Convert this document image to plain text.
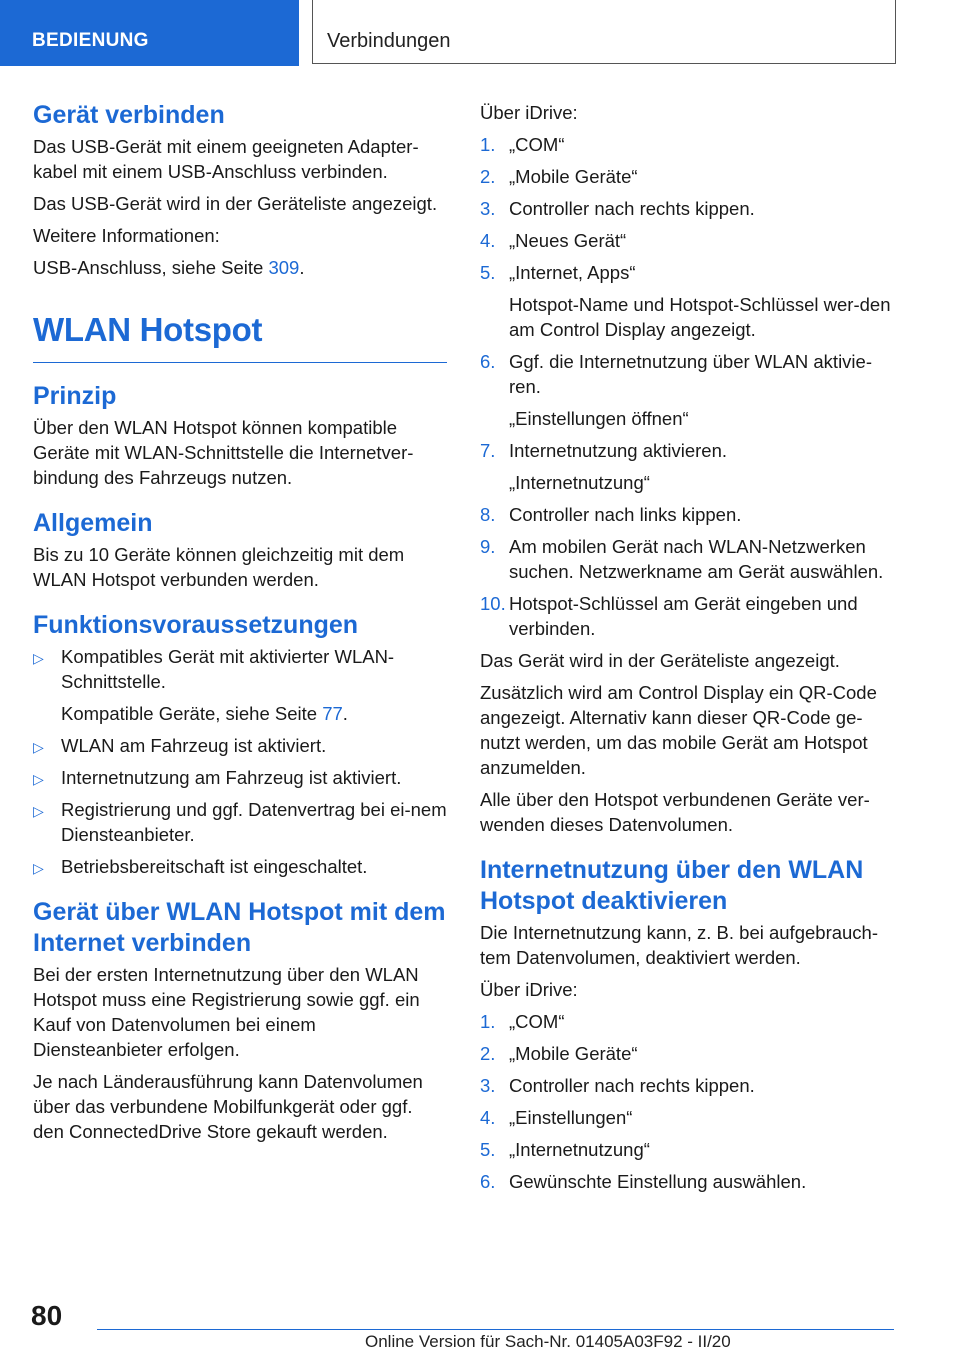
BEDIENUNG	Verbindungen
Gerät verbinden

Das USB-Gerät mit einem geeigneten Adapter-kabel mit einem USB-Anschluss verbinden.

Das USB-Gerät wird in der Geräteliste angezeigt.

Weitere Informationen:

USB-Anschluss, siehe Seite 309.

WLAN Hotspot
Prinzip

Über den WLAN Hotspot können kompatible Geräte mit WLAN-Schnittstelle die Internetver-bindung des Fahrzeugs nutzen.

Allgemein

Bis zu 10 Geräte können gleichzeitig mit dem WLAN Hotspot verbunden werden.

Funktionsvoraussetzungen
▷ Kompatibles Gerät mit aktivierter WLAN-Schnittstelle.
Kompatible Geräte, siehe Seite 77.
▷ WLAN am Fahrzeug ist aktiviert.
▷ Internetnutzung am Fahrzeug ist aktiviert.
▷ Registrierung und ggf. Datenvertrag bei ei-nem Diensteanbieter.
▷ Betriebsbereitschaft ist eingeschaltet.
Gerät über WLAN Hotspot mit dem Internet verbinden

Bei der ersten Internetnutzung über den WLAN Hotspot muss eine Registrierung sowie ggf. ein Kauf von Datenvolumen bei einem Diensteanbieter erfolgen.

Je nach Länderausführung kann Datenvolumen über das verbundene Mobilfunkgerät oder ggf. den ConnectedDrive Store gekauft werden.

Über iDrive:

1. „COM“
2. „Mobile Geräte“
3. Controller nach rechts kippen.
4. „Neues Gerät“
5. „Internet, Apps“
Hotspot-Name und Hotspot-Schlüssel wer-den am Control Display angezeigt.
6. Ggf. die Internetnutzung über WLAN aktivie-ren.
„Einstellungen öffnen“
7. Internetnutzung aktivieren.
„Internetnutzung“
8. Controller nach links kippen.
9. Am mobilen Gerät nach WLAN-Netzwerken suchen. Netzwerkname am Gerät auswählen.
10. Hotspot-Schlüssel am Gerät eingeben und verbinden.

Das Gerät wird in der Geräteliste angezeigt.

Zusätzlich wird am Control Display ein QR-Code angezeigt. Alternativ kann dieser QR-Code ge-nutzt werden, um das mobile Gerät am Hotspot anzumelden.

Alle über den Hotspot verbundenen Geräte ver-wenden dieses Datenvolumen.

Internetnutzung über den WLAN Hotspot deaktivieren

Die Internetnutzung kann, z. B. bei aufgebrauch-tem Datenvolumen, deaktiviert werden.

Über iDrive:

1. „COM“
2. „Mobile Geräte“
3. Controller nach rechts kippen.
4. „Einstellungen“
5. „Internetnutzung“
6. Gewünschte Einstellung auswählen.
80
Online Version für Sach-Nr. 01405A03F92 - II/20
